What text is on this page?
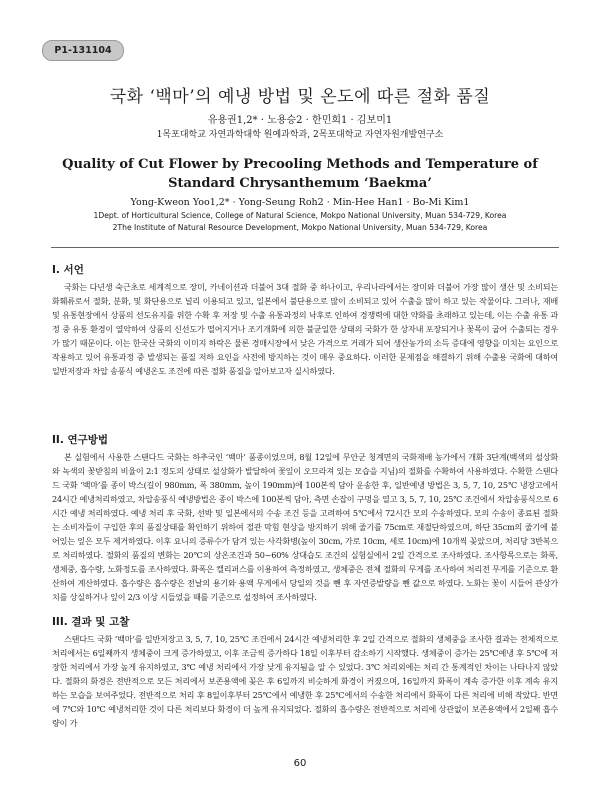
P1-131104
국화 ‘백마’의 예냉 방법 및 온도에 따른 절화 품질
유용권1,2* · 노용승2 · 한민희1 · 김보미1
1목포대학교 자연과학대학 원예과학과, 2목포대학교 자연자원개발연구소
Quality of Cut Flower by Precooling Methods and Temperature of
Standard Chrysanthemum ‘Baekma’
Yong-Kweon Yoo1,2* · Yong-Seung Roh2 · Min-Hee Han1 · Bo-Mi Kim1
1Dept. of Horticultural Science, College of Natural Science, Mokpo National University, Muan 534-729, Korea
2The Institute of Natural Resource Development, Mokpo National University, Muan 534-729, Korea
I. 서언
국화는 다년생 숙근초로 세계적으로 장미, 카네이션과 더불어 3대 절화 중 하나이고, 우리나라에서는 장미와 더불어 가장 많이 생산 및 소비되는 화훼류로서 절화, 분화, 및 화단용으로 널리 이용되고 있고, 일본에서 불단용으로 많이 소비되고 있어 수출을 많이 하고 있는 작물이다. 그러나, 재배 및 유통현장에서 상품의 선도유지를 위한 수확 후 저장 및 수출 유통과정의 낙후로 인하여 경쟁력에 대한 약화를 초래하고 있는데, 이는 수출 유통 과정 중 유통 환경이 열악하여 상품의 신선도가 떨어지거나 조기개화에 의한 불균일한 상태의 국화가 한 상자내 포장되거나 꽃목이 굽어 수출되는 경우가 많기 때문이다. 이는 한국산 국화의 이미지 하락은 물론 경매시장에서 낮은 가격으로 거래가 되어 생산농가의 소득 증대에 영향을 미치는 요인으로 작용하고 있어 유통과정 중 발생되는 품질 저하 요인을 사전에 방지하는 것이 매우 중요하다. 이러한 문제점을 해결하기 위해 수출용 국화에 대하여 일반저장과 차압 송풍식 예냉온도 조건에 따른 절화 품질을 알아보고자 실시하였다.
II. 연구방법
본 실험에서 사용한 스탠다드 국화는 하추국인 ‘백마’ 품종이었으며, 8월 12일에 무안군 청계면의 국화재배 농가에서 개화 3단계(백색의 설상화와 녹색의 꽃받침의 비율이 2:1 정도의 상태로 설상화가 발달하여 꽃잎이 오므라져 있는 모습을 지님)의 절화를 수확하여 사용하였다. 수확한 스탠다드 국화 ‘백마’를 종이 박스(길이 980mm, 폭 380mm, 높이 190mm)에 100본씩 담아 운송한 후, 일반예냉 방법은 3, 5, 7, 10, 25℃ 냉장고에서 24시간 예냉처리하였고, 차압송풍식 예냉방법은 종이 박스에 100본씩 담아, 측면 손잡이 구멍을 열고 3, 5, 7, 10, 25℃ 조건에서 차압송풍식으로 6시간 예냉 처리하였다. 예냉 처리 후 국화, 선박 및 일본에서의 수송 조건 등을 고려하여 5℃에서 72시간 모의 수송하였다. 모의 수송이 종료된 절화는 소비자들이 구입한 후의 품질상태를 확인하기 위하여 절관 막힘 현상을 방지하기 위해 줄기를 75cm로 재절단하였으며, 하단 35cm의 줄기에 붙어있는 잎은 모두 제거하였다. 이후 요니의 증류수가 담겨 있는 사각화병(높이 30cm, 가로 10cm, 세로 10cm)에 10개씩 꽂았으며, 처리당 3반복으로 처리하였다. 절화의 품질의 변화는 20℃의 상온조건과 50~60% 상대습도 조건의 실험실에서 2일 간격으로 조사하였다. 조사항목으로는 화폭, 생체중, 흡수량, 노화정도를 조사하였다. 화폭은 캘리퍼스를 이용하여 측정하였고, 생체중은 전체 절화의 무게를 조사하여 처리전 무게를 기준으로 환산하여 계산하였다. 흡수량은 흡수량은 전날의 용기와 용액 무게에서 당일의 것을 뺀 후 자연증발량을 뺀 값으로 하였다. 노화는 꽃이 시들어 관상가치를 상실하거나 잎이 2/3 이상 시들었을 때를 기준으로 설정하여 조사하였다.
III. 결과 및 고찰
스탠다드 국화 ‘백마’를 일반저장고 3, 5, 7, 10, 25℃ 조건에서 24시간 예냉처리한 후 2일 간격으로 절화의 생체중을 조사한 결과는 전체적으로 처리에서는 6일째까지 생체중이 크게 증가하였고, 이후 조금씩 증가하다 18일 이후부터 감소하기 시작했다. 생체중이 증가는 25℃예냉 후 5℃에 저장한 처리에서 가장 높게 유지하였고, 3℃ 예냉 처리에서 가장 낮게 유지됨을 알 수 있었다. 3℃ 처리외에는 처리 간 통계적인 차이는 나타나지 않았다. 절화의 화경은 전반적으로 모든 처리에서 보존용액에 꽂은 후 6일까지 비슷하게 화경이 커졌으며, 16일까지 화폭이 계속 증가한 이후 계속 유지하는 모습을 보여주었다. 전반적으로 처리 후 8일이후부터 25℃에서 예냉한 후 25℃에서의 수송한 처리에서 화폭이 다른 처리에 비해 작았다. 반면에 7℃와 10℃ 예냉처리한 것이 다른 처리보다 화경이 더 높게 유지되었다. 절화의 흡수량은 전반적으로 처리에 상관없이 보존용액에서 2일째 흡수량이 가
60
